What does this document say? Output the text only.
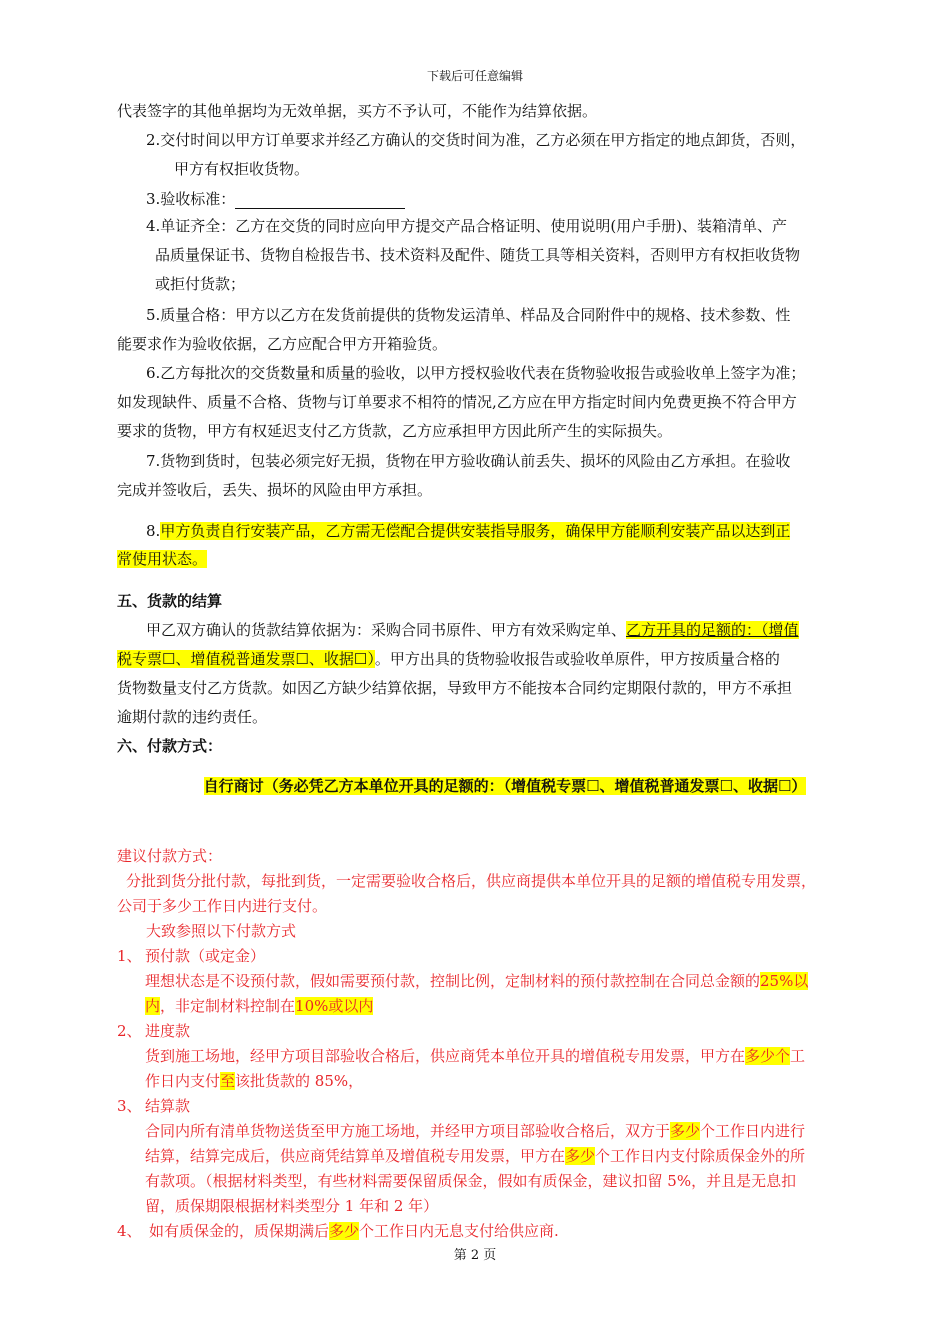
下载后可任意编辑
代表签字的其他单据均为无效单据，买方不予认可，不能作为结算依据。
2.交付时间以甲方订单要求并经乙方确认的交货时间为准，乙方必须在甲方指定的地点卸货，否则，
甲方有权拒收货物。
3.验收标准：
4.单证齐全：乙方在交货的同时应向甲方提交产品合格证明、使用说明(用户手册)、装箱清单、产
品质量保证书、货物自检报告书、技术资料及配件、随货工具等相关资料，否则甲方有权拒收货物
或拒付货款；
5.质量合格：甲方以乙方在发货前提供的货物发运清单、样品及合同附件中的规格、技术参数、性
能要求作为验收依据，乙方应配合甲方开箱验货。
6.乙方每批次的交货数量和质量的验收，以甲方授权验收代表在货物验收报告或验收单上签字为准；
如发现缺件、质量不合格、货物与订单要求不相符的情况,乙方应在甲方指定时间内免费更换不符合甲方
要求的货物，甲方有权延迟支付乙方货款，乙方应承担甲方因此所产生的实际损失。
7.货物到货时，包装必须完好无损，货物在甲方验收确认前丢失、损坏的风险由乙方承担。在验收
完成并签收后，丢失、损坏的风险由甲方承担。
8.甲方负责自行安装产品，乙方需无偿配合提供安装指导服务，确保甲方能顺利安装产品以达到正
常使用状态。
五、货款的结算
甲乙双方确认的货款结算依据为：采购合同书原件、甲方有效采购定单、乙方开具的足额的：（增值
税专票☐、增值税普通发票☐、收据☐）。甲方出具的货物验收报告或验收单原件，甲方按质量合格的
货物数量支付乙方货款。如因乙方缺少结算依据，导致甲方不能按本合同约定期限付款的，甲方不承担
逾期付款的违约责任。
六、付款方式：
自行商讨（务必凭乙方本单位开具的足额的：（增值税专票☐、增值税普通发票☐、收据☐）
建议付款方式：
分批到货分批付款，每批到货，一定需要验收合格后，供应商提供本单位开具的足额的增值税专用发票，
公司于多少工作日内进行支付。
大致参照以下付款方式
1、 预付款（或定金）
理想状态是不设预付款，假如需要预付款，控制比例，定制材料的预付款控制在合同总金额的25%以
内，非定制材料控制在10%或以内
2、 进度款
货到施工场地，经甲方项目部验收合格后，供应商凭本单位开具的增值税专用发票，甲方在多少个工
作日内支付至该批货款的 85%，
3、 结算款
合同内所有清单货物送货至甲方施工场地，并经甲方项目部验收合格后，双方于多少个工作日内进行
结算，结算完成后，供应商凭结算单及增值税专用发票，甲方在多少个工作日内支付除质保金外的所
有款项。（根据材料类型，有些材料需要保留质保金，假如有质保金，建议扣留 5%，并且是无息扣
留，质保期限根据材料类型分 1 年和 2 年）
4、 如有质保金的，质保期满后多少个工作日内无息支付给供应商.
第 2 页
